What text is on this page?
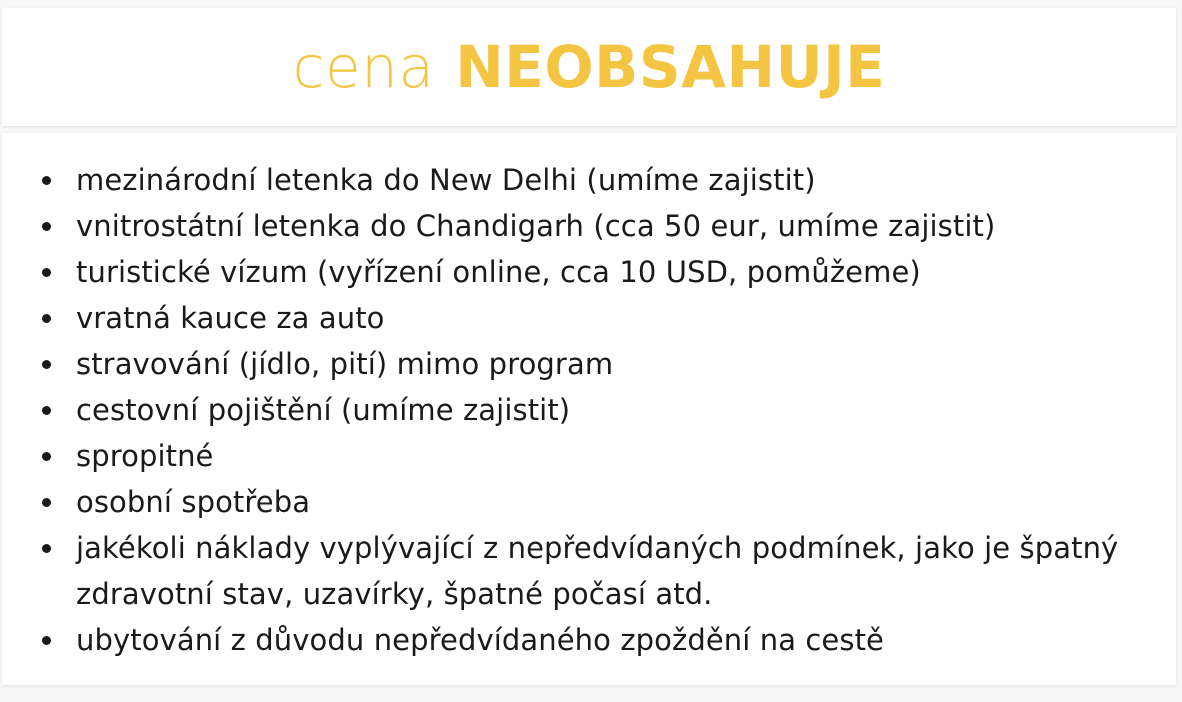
cena NEOBSAHUJE
mezinárodní letenka do New Delhi (umíme zajistit)
vnitrostátní letenka do Chandigarh (cca 50 eur, umíme zajistit)
turistické vízum (vyřízení online, cca 10 USD, pomůžeme)
vratná kauce za auto
stravování (jídlo, pití) mimo program
cestovní pojištění (umíme zajistit)
spropitné
osobní spotřeba
jakékoli náklady vyplývající z nepředvídaných podmínek, jako je špatný zdravotní stav, uzavírky, špatné počasí atd.
ubytování z důvodu nepředvídaného zpoždění na cestě
